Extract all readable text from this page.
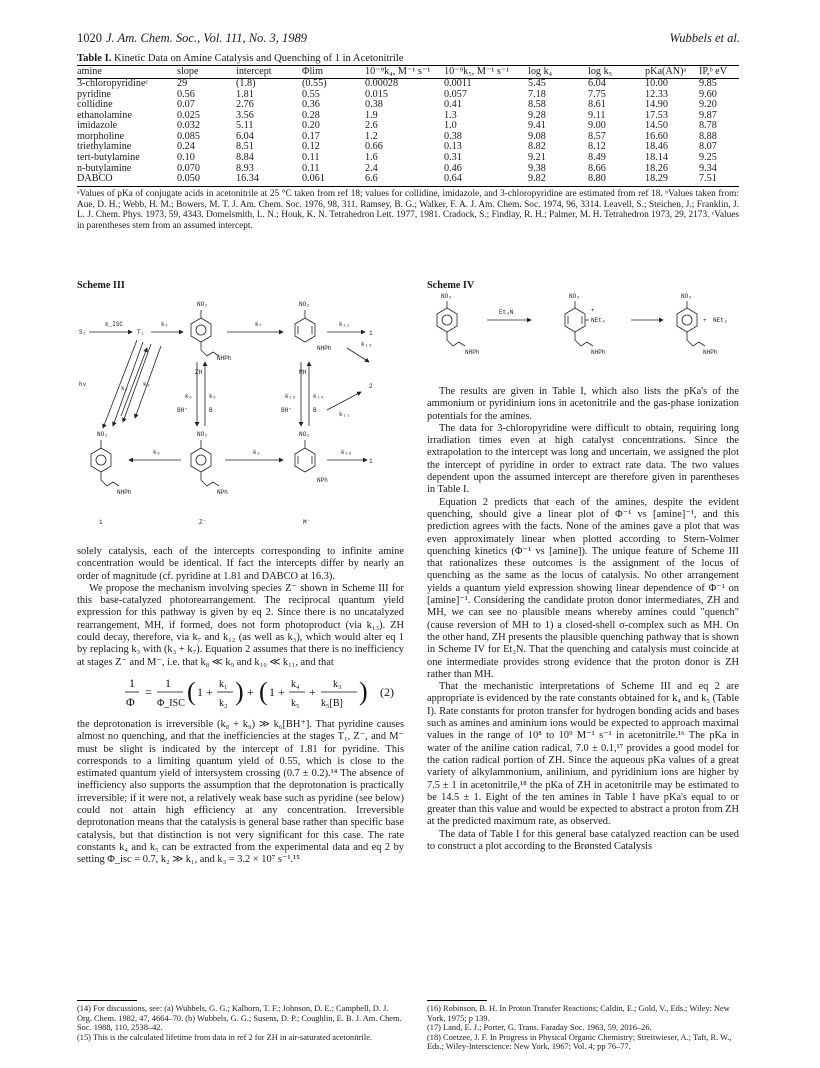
1020 J. Am. Chem. Soc., Vol. 111, No. 3, 1989	Wubbels et al.
Table I. Kinetic Data on Amine Catalysis and Quenching of 1 in Acetonitrile
amine	slope	intercept	Φlim	10⁻⁹k₄, M⁻¹ s⁻¹	10⁻⁹k₅, M⁻¹ s⁻¹	log k₄	log k₅	pKa(AN)ᵃ	IP,ᵇ eV
3-chloropyridineᶜ	29	(1.8)	(0.55)	0.00028	0.0011	5.45	6.04	10.00	9.85
pyridine	0.56	1.81	0.55	0.015	0.057	7.18	7.75	12.33	9.60
collidine	0.07	2.76	0.36	0.38	0.41	8.58	8.61	14.90	9.20
ethanolamine	0.025	3.56	0.28	1.9	1.3	9.28	9.11	17.53	9.87
imidazole	0.032	5.11	0.20	2.6	1.0	9.41	9.00	14.50	8.78
morpholine	0.085	6.04	0.17	1.2	0.38	9.08	8.57	16.60	8.88
triethylamine	0.24	8.51	0.12	0.66	0.13	8.82	8.12	18.46	8.07
tert-butylamine	0.10	8.84	0.11	1.6	0.31	9.21	8.49	18.14	9.25
n-butylamine	0.070	8.93	0.11	2.4	0.46	9.38	8.66	18.26	9.34
DABCO	0.050	16.34	0.061	6.6	0.64	9.82	8.80	18.29	7.51
ᵃValues of pKa of conjugate acids in acetonitrile at 25 °C taken from ref 18; values for collidine, imidazole, and 3-chloropyridine are estimated from ref 18. ᵇValues taken from: Aue, D. H.; Webb, H. M.; Bowers, M. T. J. Am. Chem. Soc. 1976, 98, 311. Ramsey, B. G.; Walker, F. A. J. Am. Chem. Soc. 1974, 96, 3314. Leavell, S.; Steichen, J.; Franklin, J. L. J. Chem. Phys. 1973, 59, 4343. Domelsmith, L. N.; Houk, K. N. Tetrahedron Lett. 1977, 1981. Cradock, S.; Findlay, R. H.; Palmer, M. H. Tetrahedron 1973, 29, 2173. ᶜValues in parentheses stem from an assumed intercept.
Scheme III
S₁
k_ISC
T₁
k₂
NO₂
NHPh
k₇
NO₂
NHPh
k₁₂
1
ZH	MH
k₁₃
hν
k₁
k₃
k₆	k₅
BH⁺	B
k₁₅	k₁₄
BH⁺	B
k₁₁
2
NO₂
NHPh
k₈
NO₂
NPh
k₉
NO₂
NPh
k₁₀
1
1	Z⁻	M⁻
Scheme IV
NO₂
NHPh
Et₃N
NO₂
+
NEt₃
NHPh
NO₂
+ NEt₃
NHPh

solely catalysis, each of the intercepts corresponding to infinite amine concentration would be identical. If fact the intercepts differ by nearly an order of magnitude (cf. pyridine at 1.81 and DABCO at 16.3).

We propose the mechanism involving species Z⁻ shown in Scheme III for this base-catalyzed photorearrangement. The reciprocal quantum yield expression for this pathway is given by eq 2. Since there is no uncatalyzed rearrangement, MH, if formed, does not form photoproduct (via k₁₃). ZH could decay, therefore, via k₇ and k₁₂ (as well as k₃), which would alter eq 1 by replacing k₃ with (k₃ + k₇). Equation 2 assumes that there is no inefficiency at stages Z⁻ and M⁻, i.e. that k₈ ≪ k₉ and k₁₀ ≪ k₁₁, and that

1
Φ
=
1
Φ_ISC ( 1 +
k₁
k₂ ) + ( 1 +
k₄
k₅
+
k₃
k₅[B] ) (2)

the deprotonation is irreversible (k₈ + k₉) ≫ k₆[BH⁺]. That pyridine causes almost no quenching, and that the inefficiencies at the stages T₁, Z⁻, and M⁻ must be slight is indicated by the intercept of 1.81 for pyridine. This corresponds to a limiting quantum yield of 0.55, which is close to the estimated quantum yield of intersystem crossing (0.7 ± 0.2).¹⁴ The absence of inefficiency also supports the assumption that the deprotonation is practically irreversible; if it were not, a relatively weak base such as pyridine (see below) could not attain high efficiency at any concentration. Irreversible deprotonation means that the catalysis is general base rather than specific base catalysis, but that distinction is not very significant for this case. The rate constants k₄ and k₅ can be extracted from the experimental data and eq 2 by setting Φ_isc = 0.7, k₂ ≫ k₁, and k₃ = 3.2 × 10⁷ s⁻¹.¹⁵

The results are given in Table I, which also lists the pKa's of the ammonium or pyridinium ions in acetonitrile and the gas-phase ionization potentials for the amines.

The data for 3-chloropyridine were difficult to obtain, requiring long irradiation times even at high catalyst concentrations. Since the extrapolation to the intercept was long and uncertain, we assigned the plot the intercept of pyridine in order to extract rate data. The two values dependent upon the assumed intercept are therefore given in parentheses in Table I.

Equation 2 predicts that each of the amines, despite the evident quenching, should give a linear plot of Φ⁻¹ vs [amine]⁻¹, and this prediction agrees with the facts. None of the amines gave a plot that was even approximately linear when plotted according to Stern-Volmer quenching kinetics (Φ⁻¹ vs [amine]). The unique feature of Scheme III that rationalizes these outcomes is the assignment of the locus of quenching as the same as the locus of catalysis. No other arrangement yields a quantum yield expression showing linear dependence of Φ⁻¹ on [amine]⁻¹. Considering the candidate proton donor intermediates, ZH and MH, we can see no plausible means whereby amines could "quench" (cause reversion of MH to 1) a closed-shell σ-complex such as MH. On the other hand, ZH presents the plausible quenching pathway that is shown in Scheme IV for Et₃N. That the quenching and catalysis must coincide at one intermediate provides strong evidence that the proton donor is ZH rather than MH.

That the mechanistic interpretations of Scheme III and eq 2 are appropriate is evidenced by the rate constants obtained for k₄ and k₅ (Table I). Rate constants for proton transfer for hydrogen bonding acids and bases such as amines and aminium ions would be expected to approach maximal values in the range of 10⁸ to 10⁹ M⁻¹ s⁻¹ in acetonitrile.¹⁶ The pKa in water of the aniline cation radical, 7.0 ± 0.1,¹⁷ provides a good model for the cation radical portion of ZH. Since the aqueous pKa values of a great variety of alkylammonium, anilinium, and pyridinium ions are higher by 7.5 ± 1 in acetonitrile,¹⁸ the pKa of ZH in acetonitrile may be estimated to be 14.5 ± 1. Eight of the ten amines in Table I have pKa's equal to or greater than this value and would be expected to abstract a proton from ZH at the predicted maximum rate, as observed.

The data of Table I for this general base catalyzed reaction can be used to construct a plot according to the Brønsted Catalysis

(14) For discussions, see: (a) Wubbels, G. G.; Kalhorn, T. F.; Johnson, D. E.; Campbell, D. J. Org. Chem. 1982, 47, 4664–70. (b) Wubbels, G. G.; Susens, D. P.; Coughlin, E. B. J. Am. Chem. Soc. 1988, 110, 2538–42.
(15) This is the calculated lifetime from data in ref 2 for ZH in air-saturated acetonitrile.
(16) Robinson, B. H. In Proton Transfer Reactions; Caldin, E.; Gold, V., Eds.; Wiley: New York, 1975; p 139.
(17) Land, E. J.; Porter, G. Trans. Faraday Soc. 1963, 59, 2016–26.
(18) Coetzee, J. F. In Progress in Physical Organic Chemistry; Streitwieser, A.; Taft, R. W., Eds.; Wiley-Interscience: New York, 1967; Vol. 4; pp 76–77.
